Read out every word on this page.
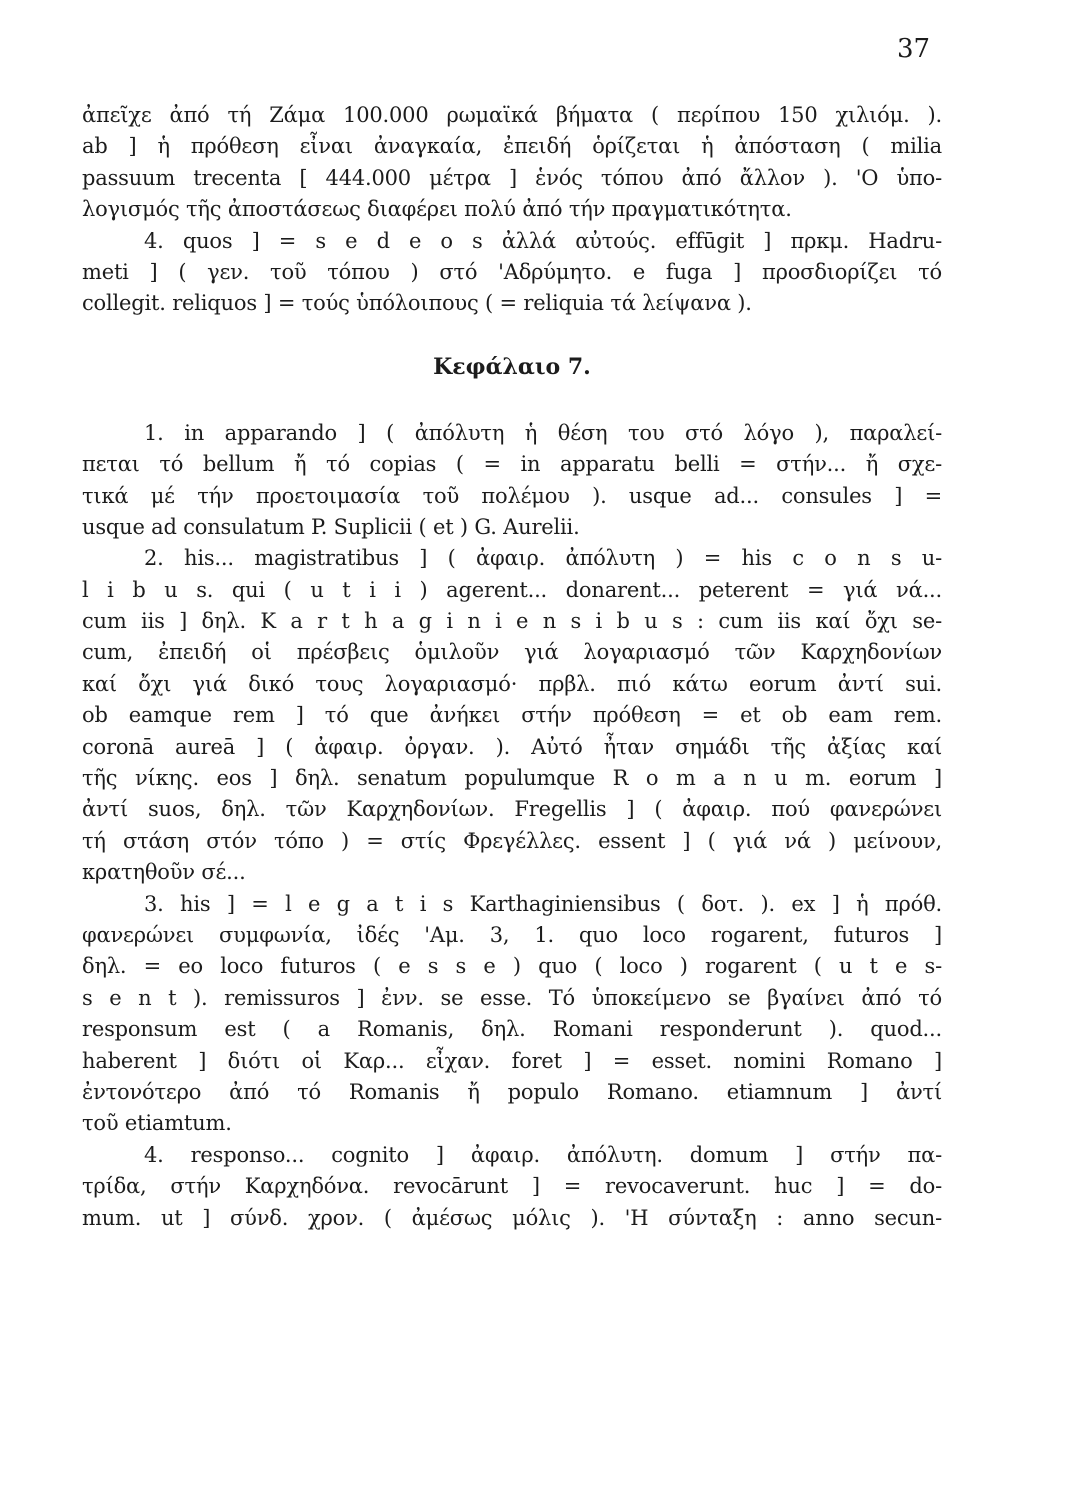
37
ἀπεῖχε ἀπό τή Ζάμα 100.000 ρωμαϊκά βήματα ( περίπου 150 χιλιόμ. ).
ab ] ἡ πρόθεση εἶναι ἀναγκαία, ἐπειδή ὁρίζεται ἡ ἀπόσταση ( milia
passuum trecenta [ 444.000 μέτρα ] ἑνός τόπου ἀπό ἄλλον ). 'Ο ὑπο-
λογισμός τῆς ἀποστάσεως διαφέρει πολύ ἀπό τήν πραγματικότητα.
4. quos ] = s e d e o s ἀλλά αὐτούς. effūgit ] πρκμ. Hadru-
meti ] ( γεν. τοῦ τόπου ) στό 'Αδρύμητο. e fuga ] προσδιορίζει τό
collegit. reliquos ] = τούς ὑπόλοιπους ( = reliquia τά λείψανα ).
Κεφάλαιο 7.
1. in apparando ] ( ἀπόλυτη ἡ θέση του στό λόγο ), παραλεί-
πεται τό bellum ἤ τό copias ( = in apparatu belli = στήν... ἤ σχε-
τικά μέ τήν προετοιμασία τοῦ πολέμου ). usque ad... consules ] =
usque ad consulatum P. Suplicii ( et ) G. Aurelii.
2. his... magistratibus ] ( ἀφαιρ. ἀπόλυτη ) = his c o n s u-
l i b u s. qui ( u t i i ) agerent... donarent... peterent = γιά νά...
cum iis ] δηλ. K a r t h a g i n i e n s i b u s : cum iis καί ὄχι se-
cum, ἐπειδή οἱ πρέσβεις ὁμιλοῦν γιά λογαριασμό τῶν Καρχηδονίων
καί ὄχι γιά δικό τους λογαριασμό· πρβλ. πιό κάτω eorum ἀντί sui.
ob eamque rem ] τό que ἀνήκει στήν πρόθεση = et ob eam rem.
coronā aureā ] ( ἀφαιρ. ὀργαν. ). Αὐτό ἦταν σημάδι τῆς ἀξίας καί
τῆς νίκης. eos ] δηλ. senatum populumque R o m a n u m. eorum ]
ἀντί suos, δηλ. τῶν Καρχηδονίων. Fregellis ] ( ἀφαιρ. πού φανερώνει
τή στάση στόν τόπο ) = στίς Φρεγέλλες. essent ] ( γιά νά ) μείνουν,
κρατηθοῦν σέ...
3. his ] = l e g a t i s Karthaginiensibus ( δοτ. ). ex ] ἡ πρόθ.
φανερώνει συμφωνία, ἰδές 'Αμ. 3, 1. quo loco rogarent, futuros ]
δηλ. = eo loco futuros ( e s s e ) quo ( loco ) rogarent ( u t e s-
s e n t ). remissuros ] ἐνν. se esse. Τό ὑποκείμενο se βγαίνει ἀπό τό
responsum est ( a Romanis, δηλ. Romani responderunt ). quod...
haberent ] διότι οἱ Καρ... εἶχαν. foret ] = esset. nomini Romano ]
ἐντονότερο ἀπό τό Romanis ἤ populo Romano. etiamnum ] ἀντί
τοῦ etiamtum.
4. responso... cognito ] ἀφαιρ. ἀπόλυτη. domum ] στήν πα-
τρίδα, στήν Καρχηδόνα. revocārunt ] = revocaverunt. huc ] = do-
mum. ut ] σύνδ. χρον. ( ἀμέσως μόλις ). 'Η σύνταξη : anno secun-
